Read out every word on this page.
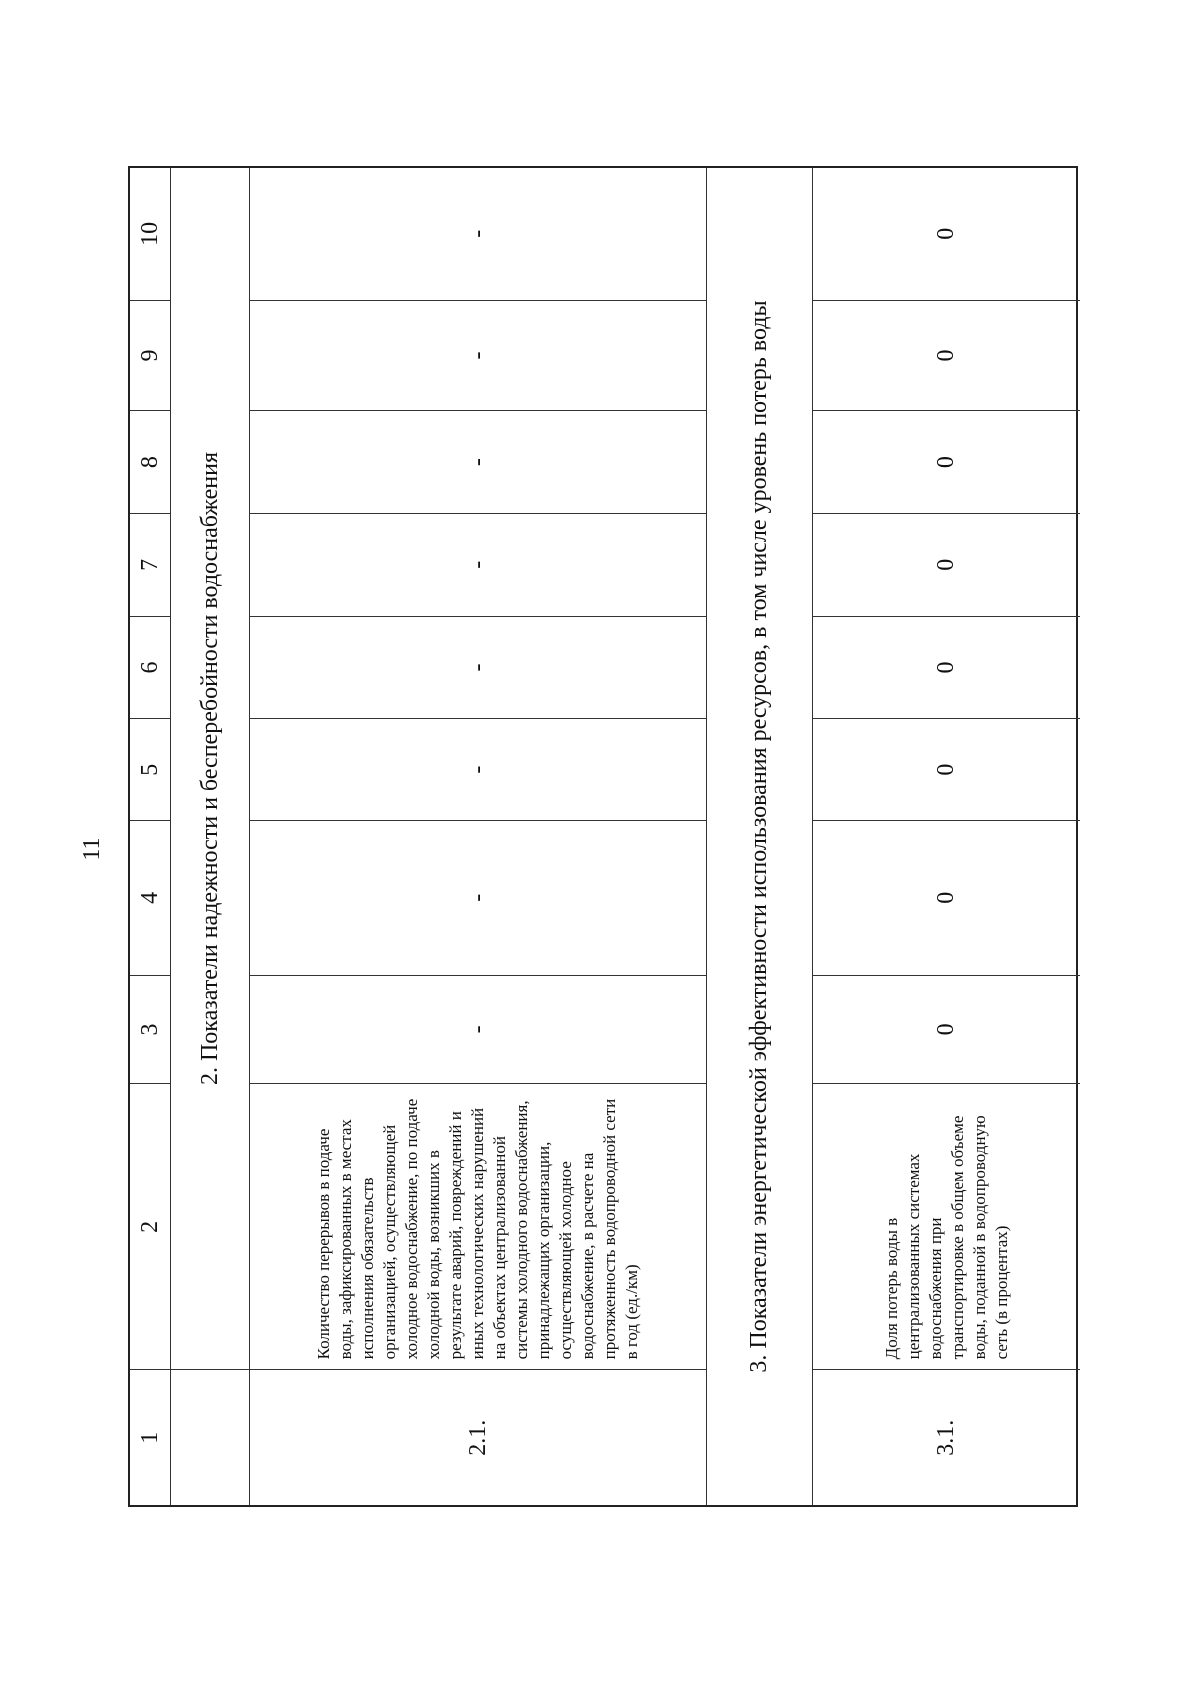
11
1
2
3
4
5
6
7
8
9
10
2. Показатели надежности и бесперебойности водоснабжения
2.1.
Количество перерывов в подаче воды, зафиксированных в местах исполнения обязательств организацией, осуществляющей холодное водоснабжение, по подаче холодной воды, возникших в результате аварий, повреждений и иных технологических нарушений на объектах централизованной системы холодного водоснабжения, принадлежащих организации, осуществляющей холодное водоснабжение, в расчете на протяженность водопроводной сети в год (ед./км)
-
-
-
-
-
-
-
-
3. Показатели энергетической эффективности использования ресурсов, в том числе уровень потерь воды
3.1.
Доля потерь воды в централизованных системах водоснабжения при транспортировке в общем объеме воды, поданной в водопроводную сеть (в процентах)
0
0
0
0
0
0
0
0
